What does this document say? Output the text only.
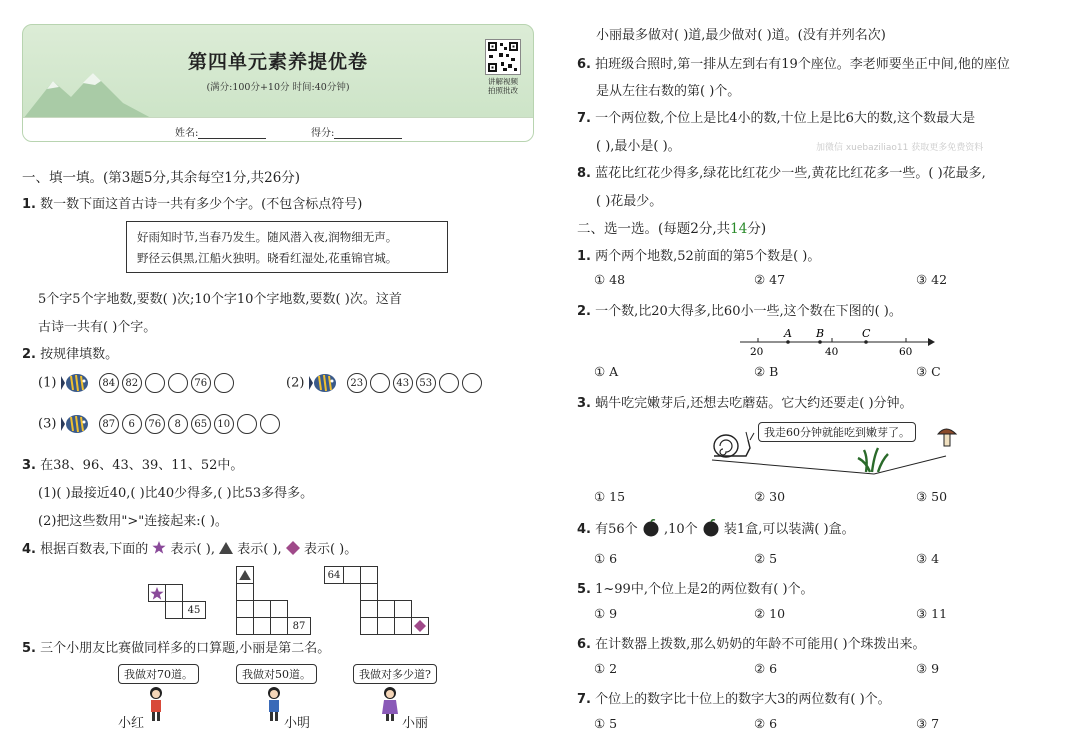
第四单元素养提优卷
(满分:100分+10分 时间:40分钟)
讲解视频
拍照批改
姓名:	得分:
一、填一填。(第3题5分,其余每空1分,共26分)
1. 数一数下面这首古诗一共有多少个字。(不包含标点符号)
好雨知时节,当春乃发生。随风潜入夜,润物细无声。
野径云俱黑,江船火独明。晓看红湿处,花重锦官城。
5个字5个字地数,要数( )次;10个字10个字地数,要数( )次。这首
古诗一共有( )个字。
2. 按规律填数。
(1)	84 82	76	(2)	23	43 53
(3)	87 6 76 8 65 10
3. 在38、96、43、39、11、52中。
(1)( )最接近40,( )比40少得多,( )比53多得多。
(2)把这些数用">"连接起来:( )。
4. 根据百数表,下面的 表示( ), 表示( ), 表示( )。
45
87
64
5. 三个小朋友比赛做同样多的口算题,小丽是第二名。
我做对70道。	我做对50道。	我做对多少道?
小红	小明	小丽
小丽最多做对( )道,最少做对( )道。(没有并列名次)
6. 拍班级合照时,第一排从左到右有19个座位。李老师要坐正中间,他的座位
是从左往右数的第( )个。
7. 一个两位数,个位上是比4小的数,十位上是比6大的数,这个数最大是
( ),最小是( )。	加微信 xuebaziliao11 获取更多免费资料
8. 蓝花比红花少得多,绿花比红花少一些,黄花比红花多一些。( )花最多,
( )花最少。
二、选一选。(每题2分,共14分)
1. 两个两个地数,52前面的第5个数是( )。
① 48	② 47	③ 42
2. 一个数,比20大得多,比60小一些,这个数在下图的( )。
A B	C
20	40	60
① A	② B	③ C
3. 蜗牛吃完嫩芽后,还想去吃蘑菇。它大约还要走( )分钟。
我走60分钟就能吃到嫩芽了。
① 15	② 30	③ 50
4. 有56个 ,10个 装1盒,可以装满( )盒。
① 6	② 5	③ 4
5. 1~99中,个位上是2的两位数有( )个。
① 9	② 10	③ 11
6. 在计数器上拨数,那么奶奶的年龄不可能用( )个珠拨出来。
① 2	② 6	③ 9
7. 个位上的数字比十位上的数字大3的两位数有( )个。
① 5	② 6	③ 7
